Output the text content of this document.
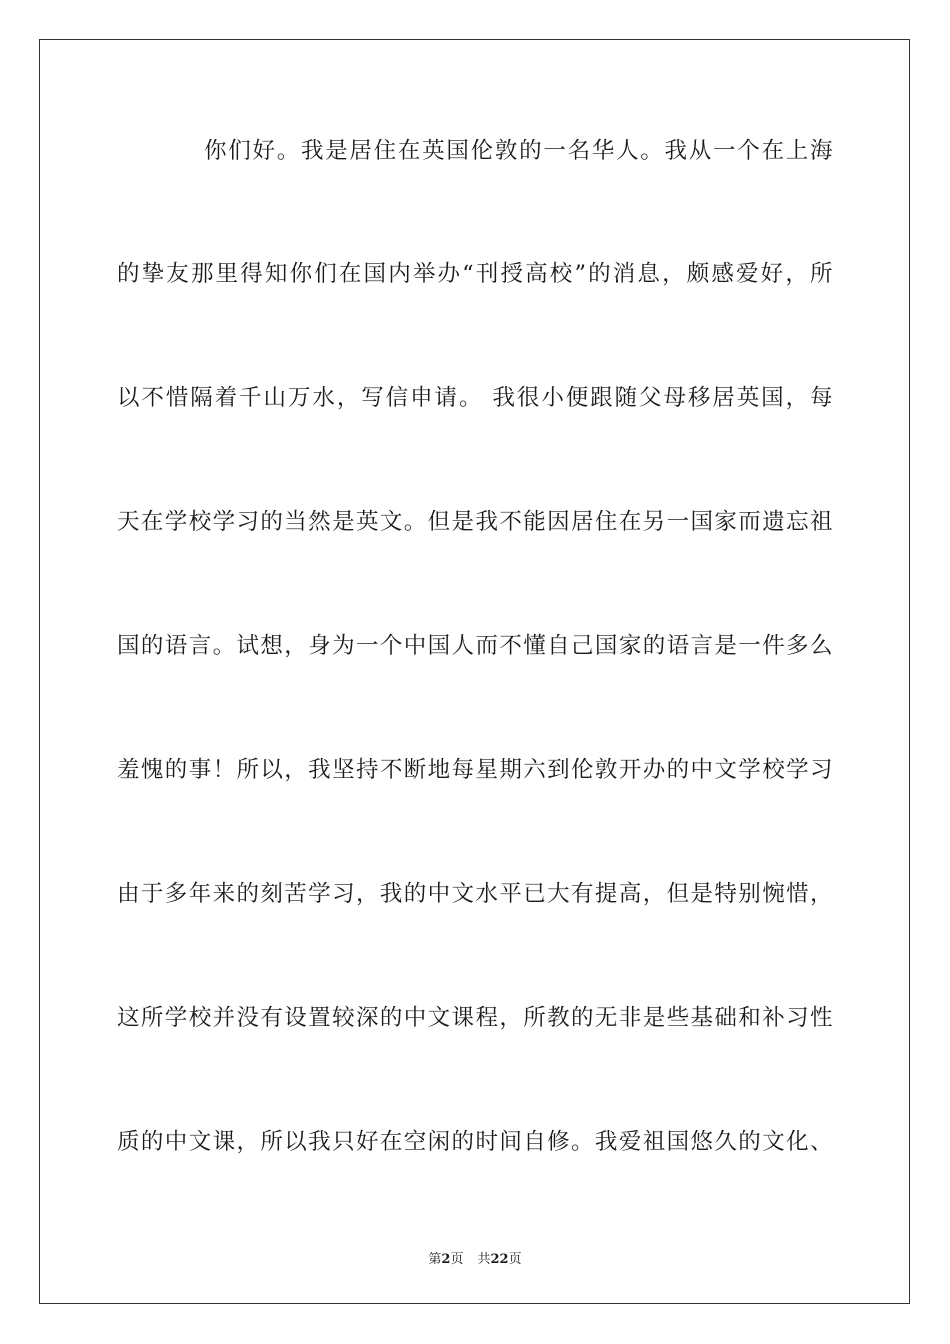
你们好。我是居住在英国伦敦的一名华人。我从一个在上海
的挚友那里得知你们在国内举办“刊授高校”的消息，颇感爱好，所
以不惜隔着千山万水，写信申请。 我很小便跟随父母移居英国，每
天在学校学习的当然是英文。但是我不能因居住在另一国家而遗忘祖
国的语言。试想，身为一个中国人而不懂自己国家的语言是一件多么
羞愧的事！所以，我坚持不断地每星期六到伦敦开办的中文学校学习
由于多年来的刻苦学习，我的中文水平已大有提高，但是特别惋惜，
这所学校并没有设置较深的中文课程，所教的无非是些基础和补习性
质的中文课，所以我只好在空闲的时间自修。我爱祖国悠久的文化、
第2页 共22页
